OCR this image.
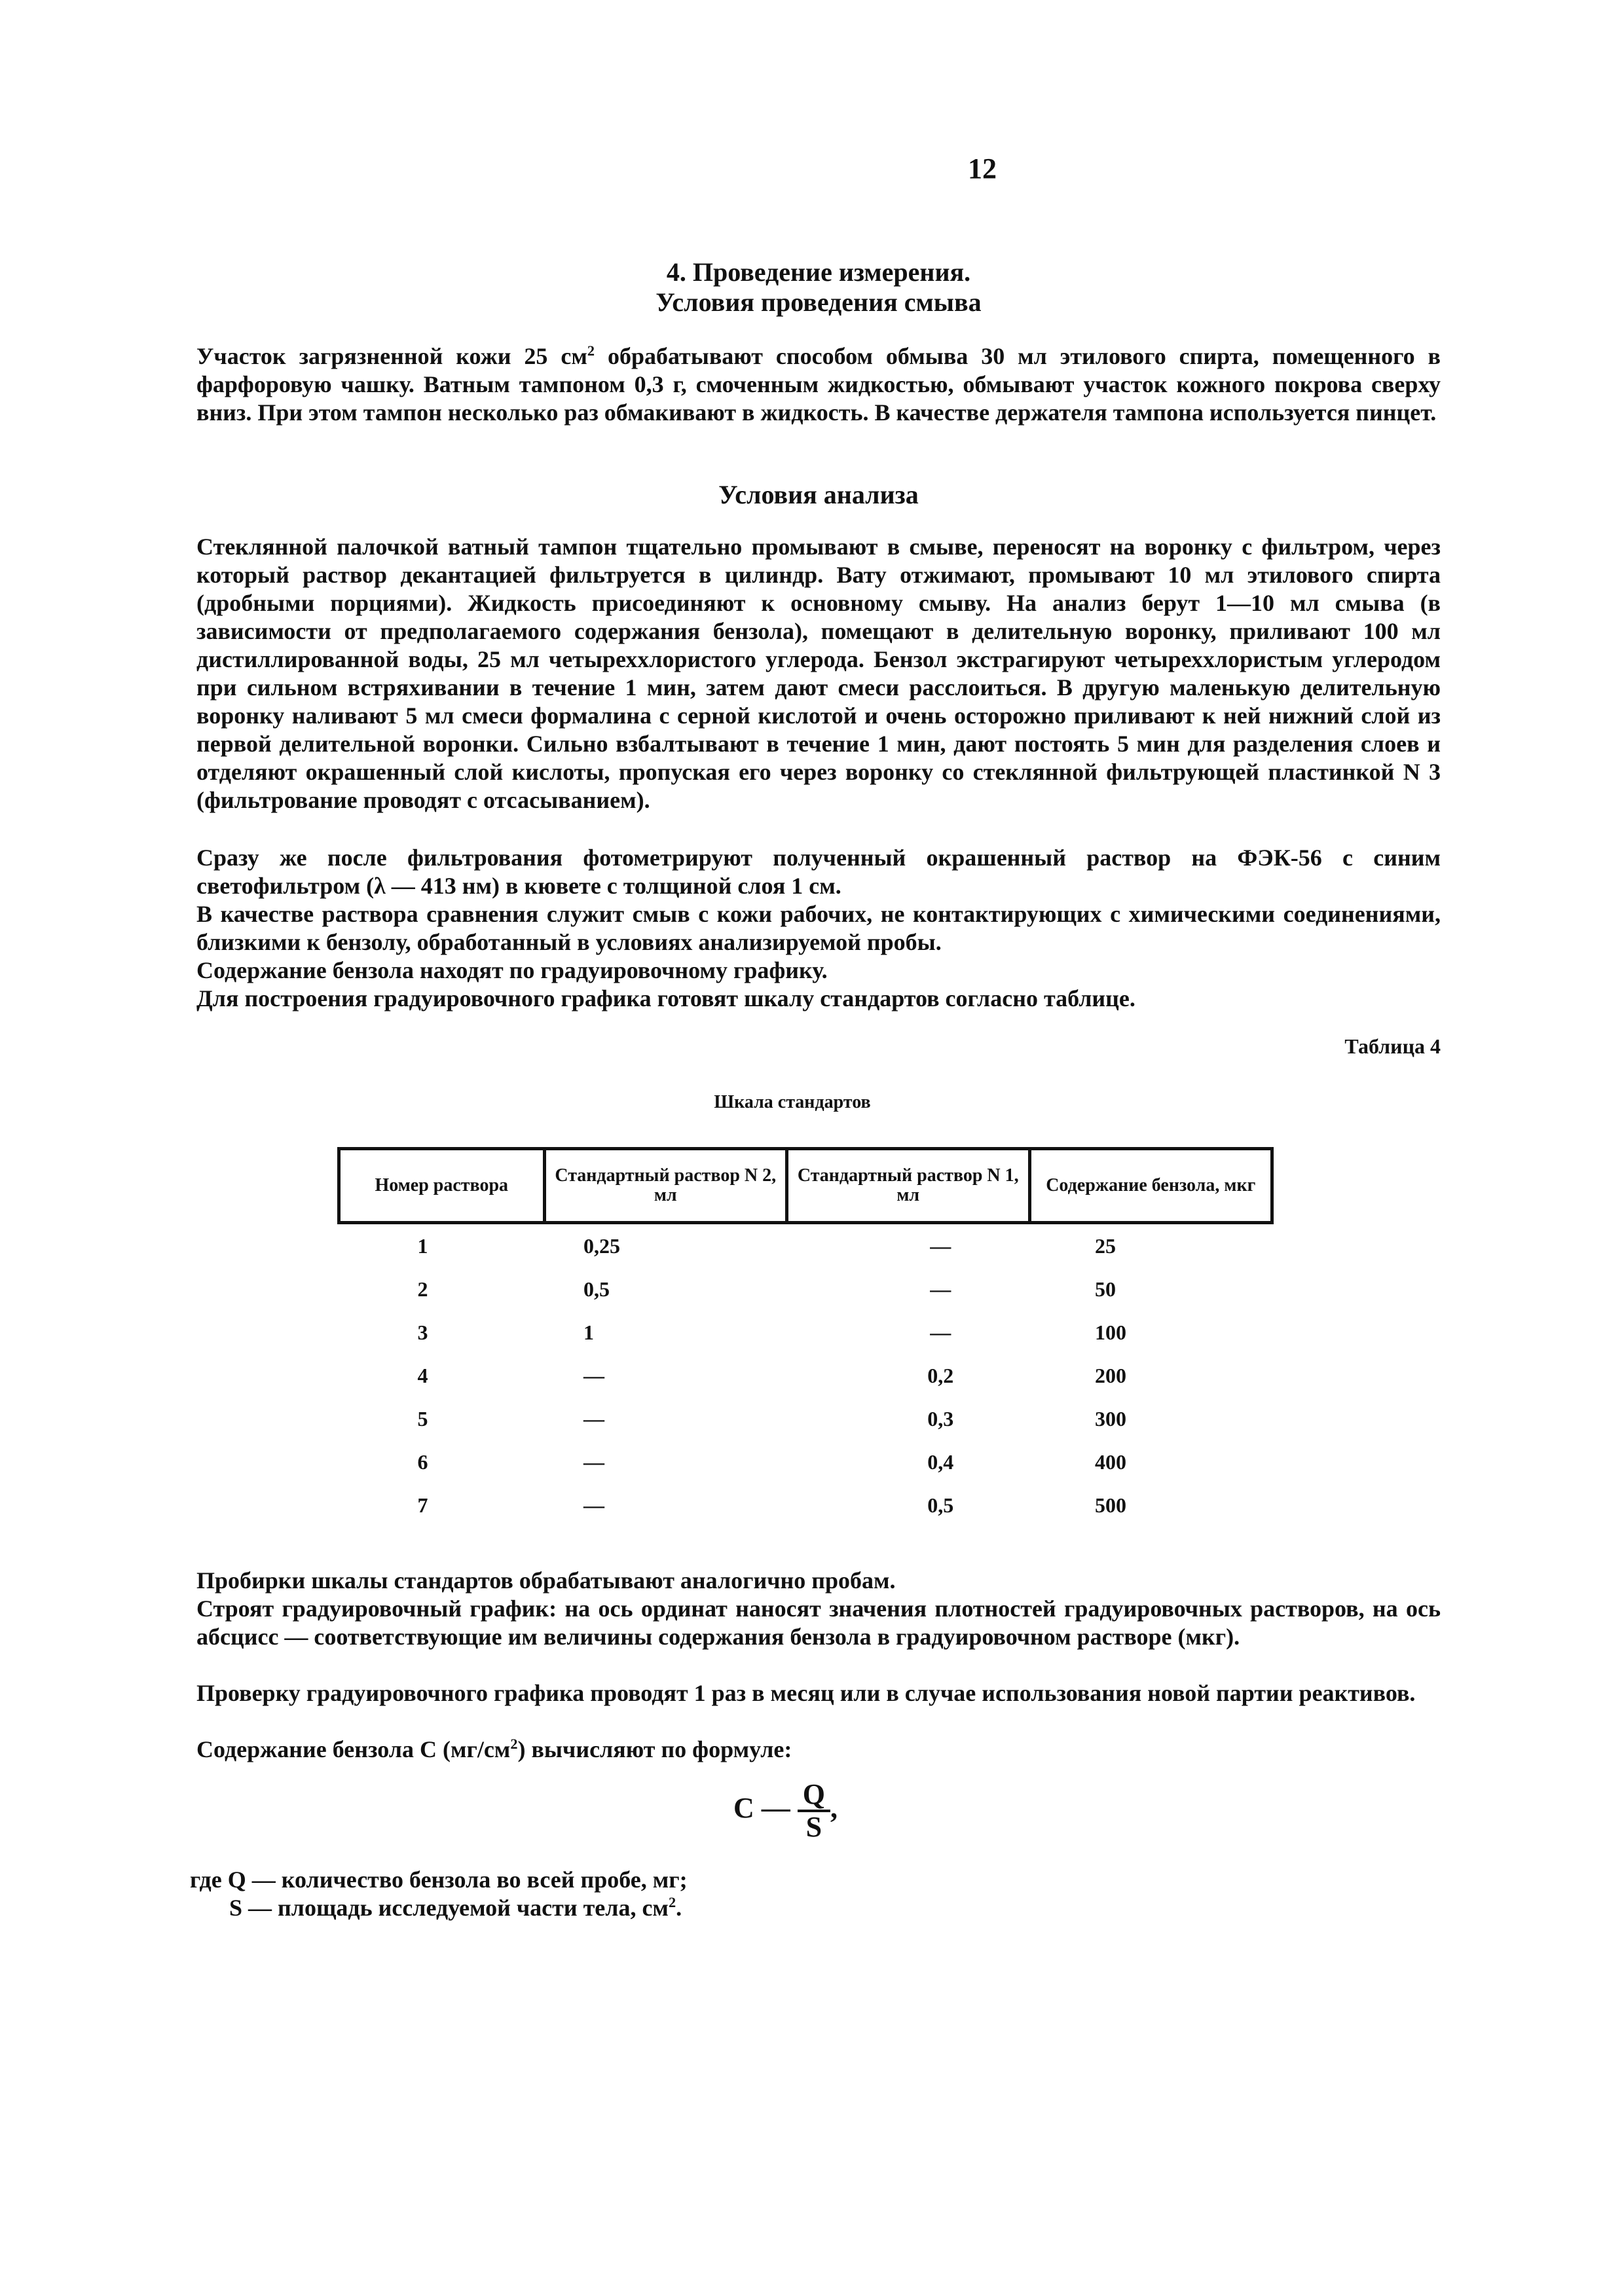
12
4. Проведение измерения.
Условия проведения смыва

Участок загрязненной кожи 25 $см^2$ обрабатывают способом обмыва 30 мл этилового спирта, помещенного в фарфоровую чашку. Ватным тампоном 0,3 г, смоченным жидкостью, обмывают участок кожного покрова сверху вниз. При этом тампон несколько раз обмакивают в жидкость. В качестве держателя тампона используется пинцет.

Условия анализа

Стеклянной палочкой ватный тампон тщательно промывают в смыве, переносят на воронку с фильтром, через который раствор декантацией фильтруется в цилиндр. Вату отжимают, промывают 10 мл этилового спирта (дробными порциями). Жидкость присоединяют к основному смыву. На анализ берут 1—10 мл смыва (в зависимости от предполагаемого содержания бензола), помещают в делительную воронку, приливают 100 мл дистиллированной воды, 25 мл четыреххлористого углерода. Бензол экстрагируют четыреххлористым углеродом при сильном встряхивании в течение 1 мин, затем дают смеси расслоиться. В другую маленькую делительную воронку наливают 5 мл смеси формалина с серной кислотой и очень осторожно приливают к ней нижний слой из первой делительной воронки. Сильно взбалтывают в течение 1 мин, дают постоять 5 мин для разделения слоев и отделяют окрашенный слой кислоты, пропуская его через воронку со стеклянной фильтрующей пластинкой N 3 (фильтрование проводят с отсасыванием).

Сразу же после фильтрования фотометрируют полученный окрашенный раствор на ФЭК-56 с синим светофильтром (λ — 413 нм) в кювете с толщиной слоя 1 см.

В качестве раствора сравнения служит смыв с кожи рабочих, не контактирующих с химическими соединениями, близкими к бензолу, обработанный в условиях анализируемой пробы.

Содержание бензола находят по градуировочному графику.

Для построения градуировочного графика готовят шкалу стандартов согласно таблице.

Таблица 4
Шкала стандартов
Номер раствора	Стандартный раствор N 2, мл	Стандартный раствор N 1, мл	Содержание бензола, мкг
1	0,25	—	25
2	0,5	—	50
3	1	—	100
4	—	0,2	200
5	—	0,3	300
6	—	0,4	400
7	—	0,5	500

Пробирки шкалы стандартов обрабатывают аналогично пробам.

Строят градуировочный график: на ось ординат наносят значения плотностей градуировочных растворов, на ось абсцисс — соответствующие им величины содержания бензола в градуировочном растворе (мкг).

Проверку градуировочного графика проводят 1 раз в месяц или в случае использования новой партии реактивов.

Содержание бензола С $(мг/см^2)$ вычисляют по формуле:

С — $\frac{Q}{S}$ ,
где Q — количество бензола во всей пробе, мг;
S — площадь исследуемой части тела, $см^2$.
